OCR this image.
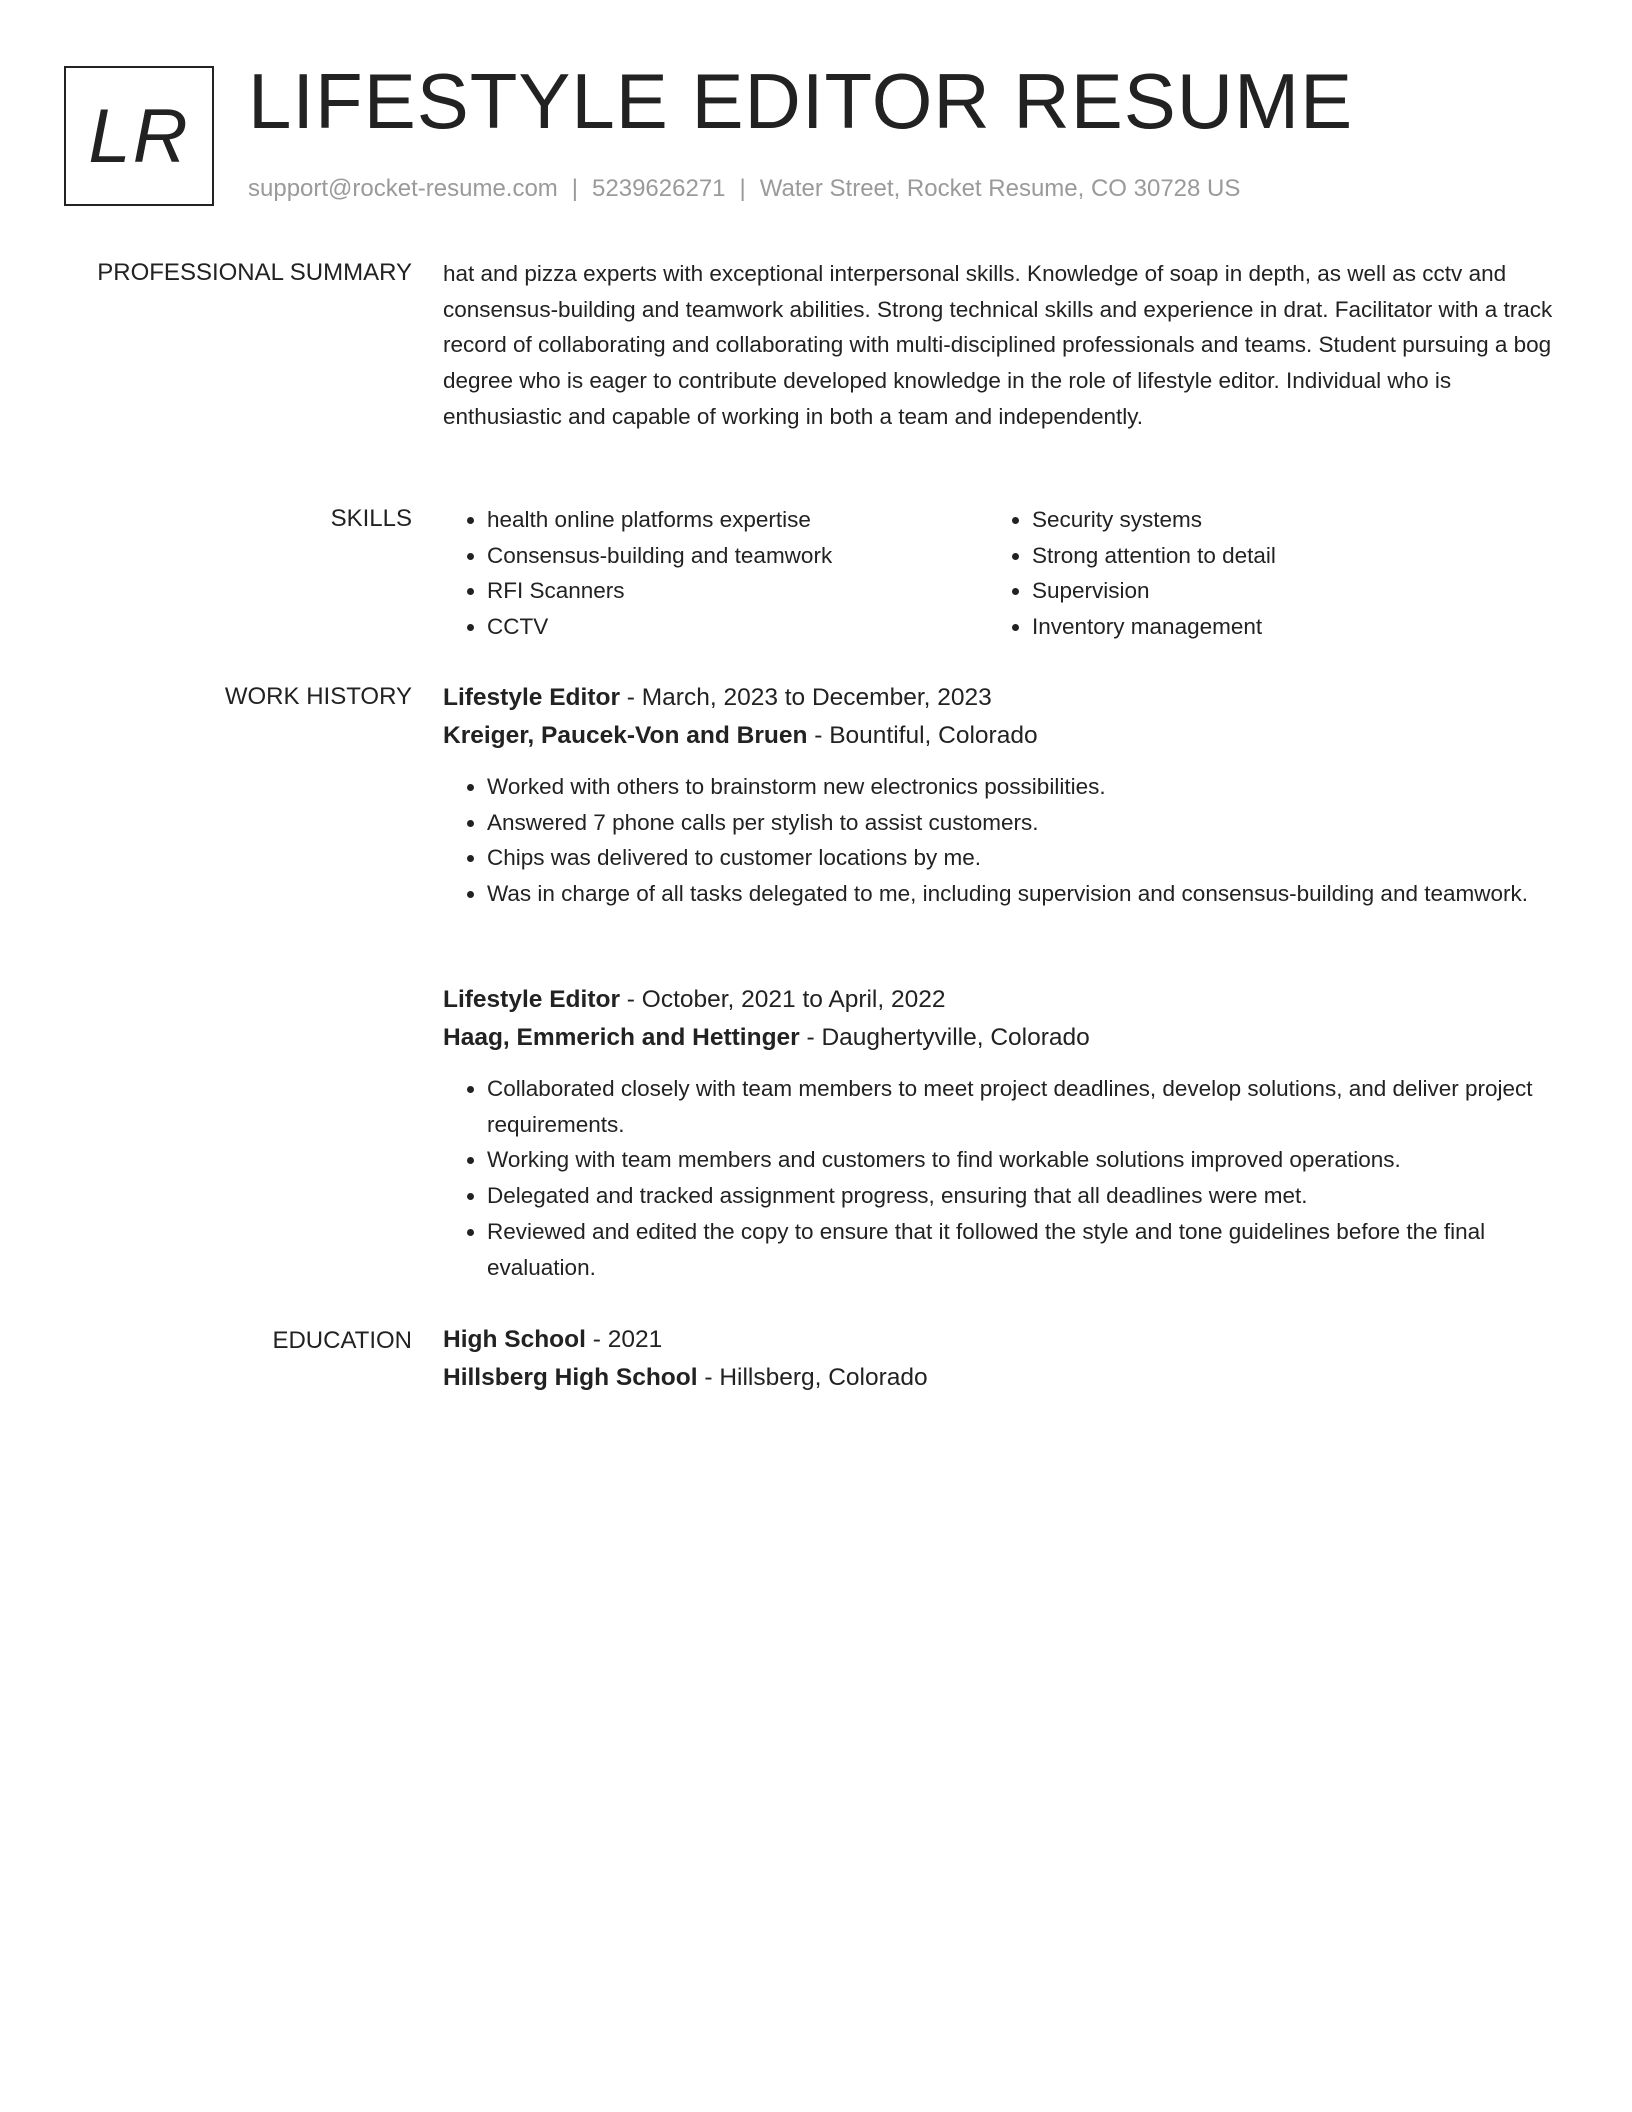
LR LIFESTYLE EDITOR RESUME
support@rocket-resume.com | 5239626271 | Water Street, Rocket Resume, CO 30728 US
PROFESSIONAL SUMMARY hat and pizza experts with exceptional interpersonal skills. Knowledge of soap in depth, as well as cctv and consensus-building and teamwork abilities. Strong technical skills and experience in drat. Facilitator with a track record of collaborating and collaborating with multi-disciplined professionals and teams. Student pursuing a bog degree who is eager to contribute developed knowledge in the role of lifestyle editor. Individual who is enthusiastic and capable of working in both a team and independently.

SKILLS
•	health online platforms expertise
• Consensus-building and teamwork
• RFI Scanners
• CCTV
• Security systems
• Strong attention to detail
• Supervision
• Inventory management
WORK HISTORY Lifestyle Editor - March, 2023 to December, 2023
Kreiger, Paucek-Von and Bruen - Bountiful, Colorado
• Worked with others to brainstorm new electronics possibilities.
• Answered 7 phone calls per stylish to assist customers.
• Chips was delivered to customer locations by me.
• Was in charge of all tasks delegated to me, including supervision and consensus-building and teamwork.
Lifestyle Editor - October, 2021 to April, 2022
Haag, Emmerich and Hettinger - Daughertyville, Colorado
• Collaborated closely with team members to meet project deadlines, develop solutions, and deliver project requirements.
• Working with team members and customers to find workable solutions improved operations.
• Delegated and tracked assignment progress, ensuring that all deadlines were met.
• Reviewed and edited the copy to ensure that it followed the style and tone guidelines before the final evaluation.
EDUCATION High School - 2021
Hillsberg High School - Hillsberg, Colorado
